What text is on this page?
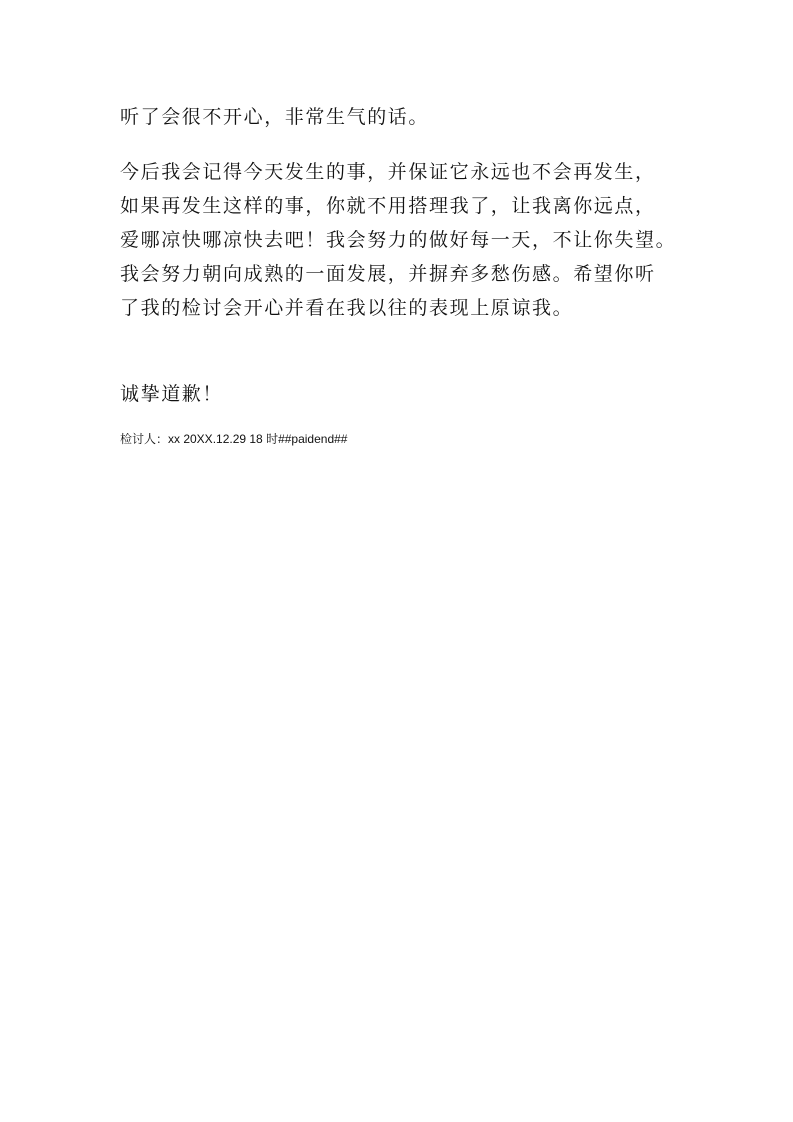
听了会很不开心，非常生气的话。
今后我会记得今天发生的事，并保证它永远也不会再发生，
如果再发生这样的事，你就不用搭理我了，让我离你远点，
爱哪凉快哪凉快去吧！我会努力的做好每一天，不让你失望。
我会努力朝向成熟的一面发展，并摒弃多愁伤感。希望你听
了我的检讨会开心并看在我以往的表现上原谅我。
诚挚道歉！
检讨人：xx 20XX.12.29 18 时##paidend##
